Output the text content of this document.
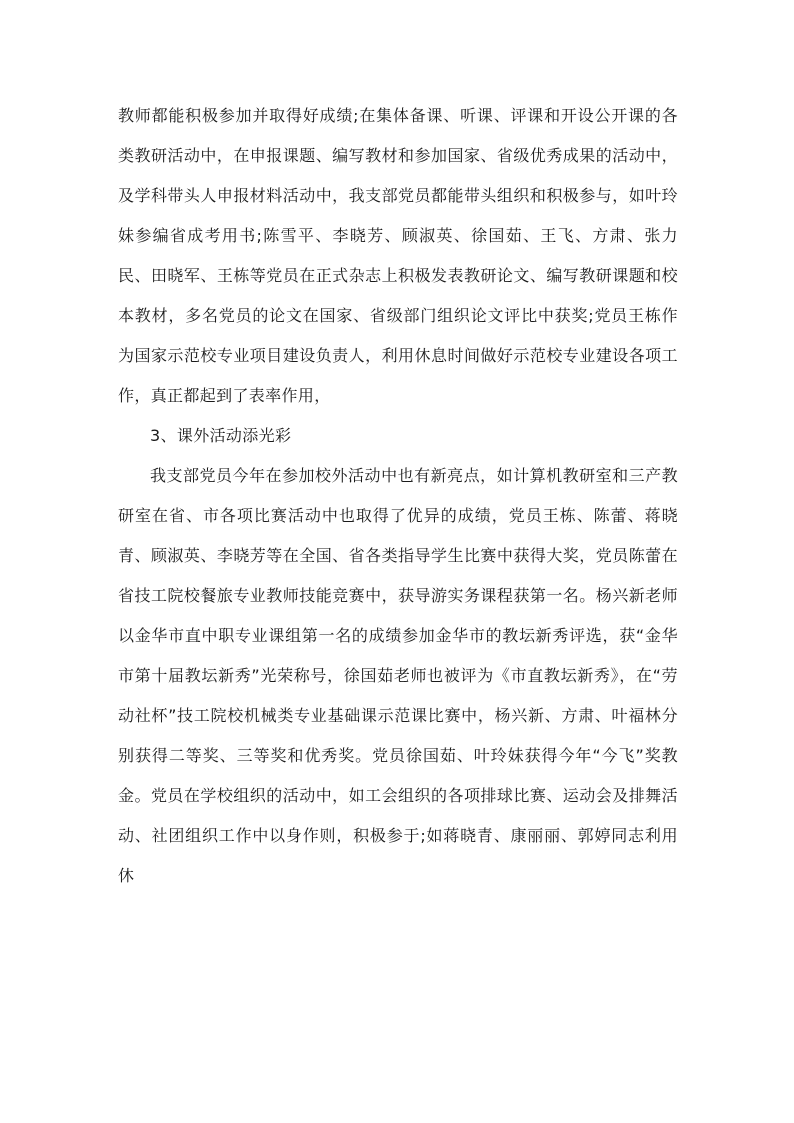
教师都能积极参加并取得好成绩;在集体备课、听课、评课和开设公开课的各类教研活动中，在申报课题、编写教材和参加国家、省级优秀成果的活动中，及学科带头人申报材料活动中，我支部党员都能带头组织和积极参与，如叶玲妹参编省成考用书;陈雪平、李晓芳、顾淑英、徐国茹、王飞、方肃、张力民、田晓军、王栋等党员在正式杂志上积极发表教研论文、编写教研课题和校本教材，多名党员的论文在国家、省级部门组织论文评比中获奖;党员王栋作为国家示范校专业项目建设负责人，利用休息时间做好示范校专业建设各项工作，真正都起到了表率作用，

3、课外活动添光彩

我支部党员今年在参加校外活动中也有新亮点，如计算机教研室和三产教研室在省、市各项比赛活动中也取得了优异的成绩，党员王栋、陈蕾、蒋晓青、顾淑英、李晓芳等在全国、省各类指导学生比赛中获得大奖，党员陈蕾在省技工院校餐旅专业教师技能竞赛中，获导游实务课程获第一名。杨兴新老师以金华市直中职专业课组第一名的成绩参加金华市的教坛新秀评选，获“金华市第十届教坛新秀”光荣称号，徐国茹老师也被评为《市直教坛新秀》，在“劳动社杯”技工院校机械类专业基础课示范课比赛中，杨兴新、方肃、叶福林分别获得二等奖、三等奖和优秀奖。党员徐国茹、叶玲妹获得今年“今飞”奖教金。党员在学校组织的活动中，如工会组织的各项排球比赛、运动会及排舞活动、社团组织工作中以身作则，积极参于;如蒋晓青、康丽丽、郭婷同志利用休
